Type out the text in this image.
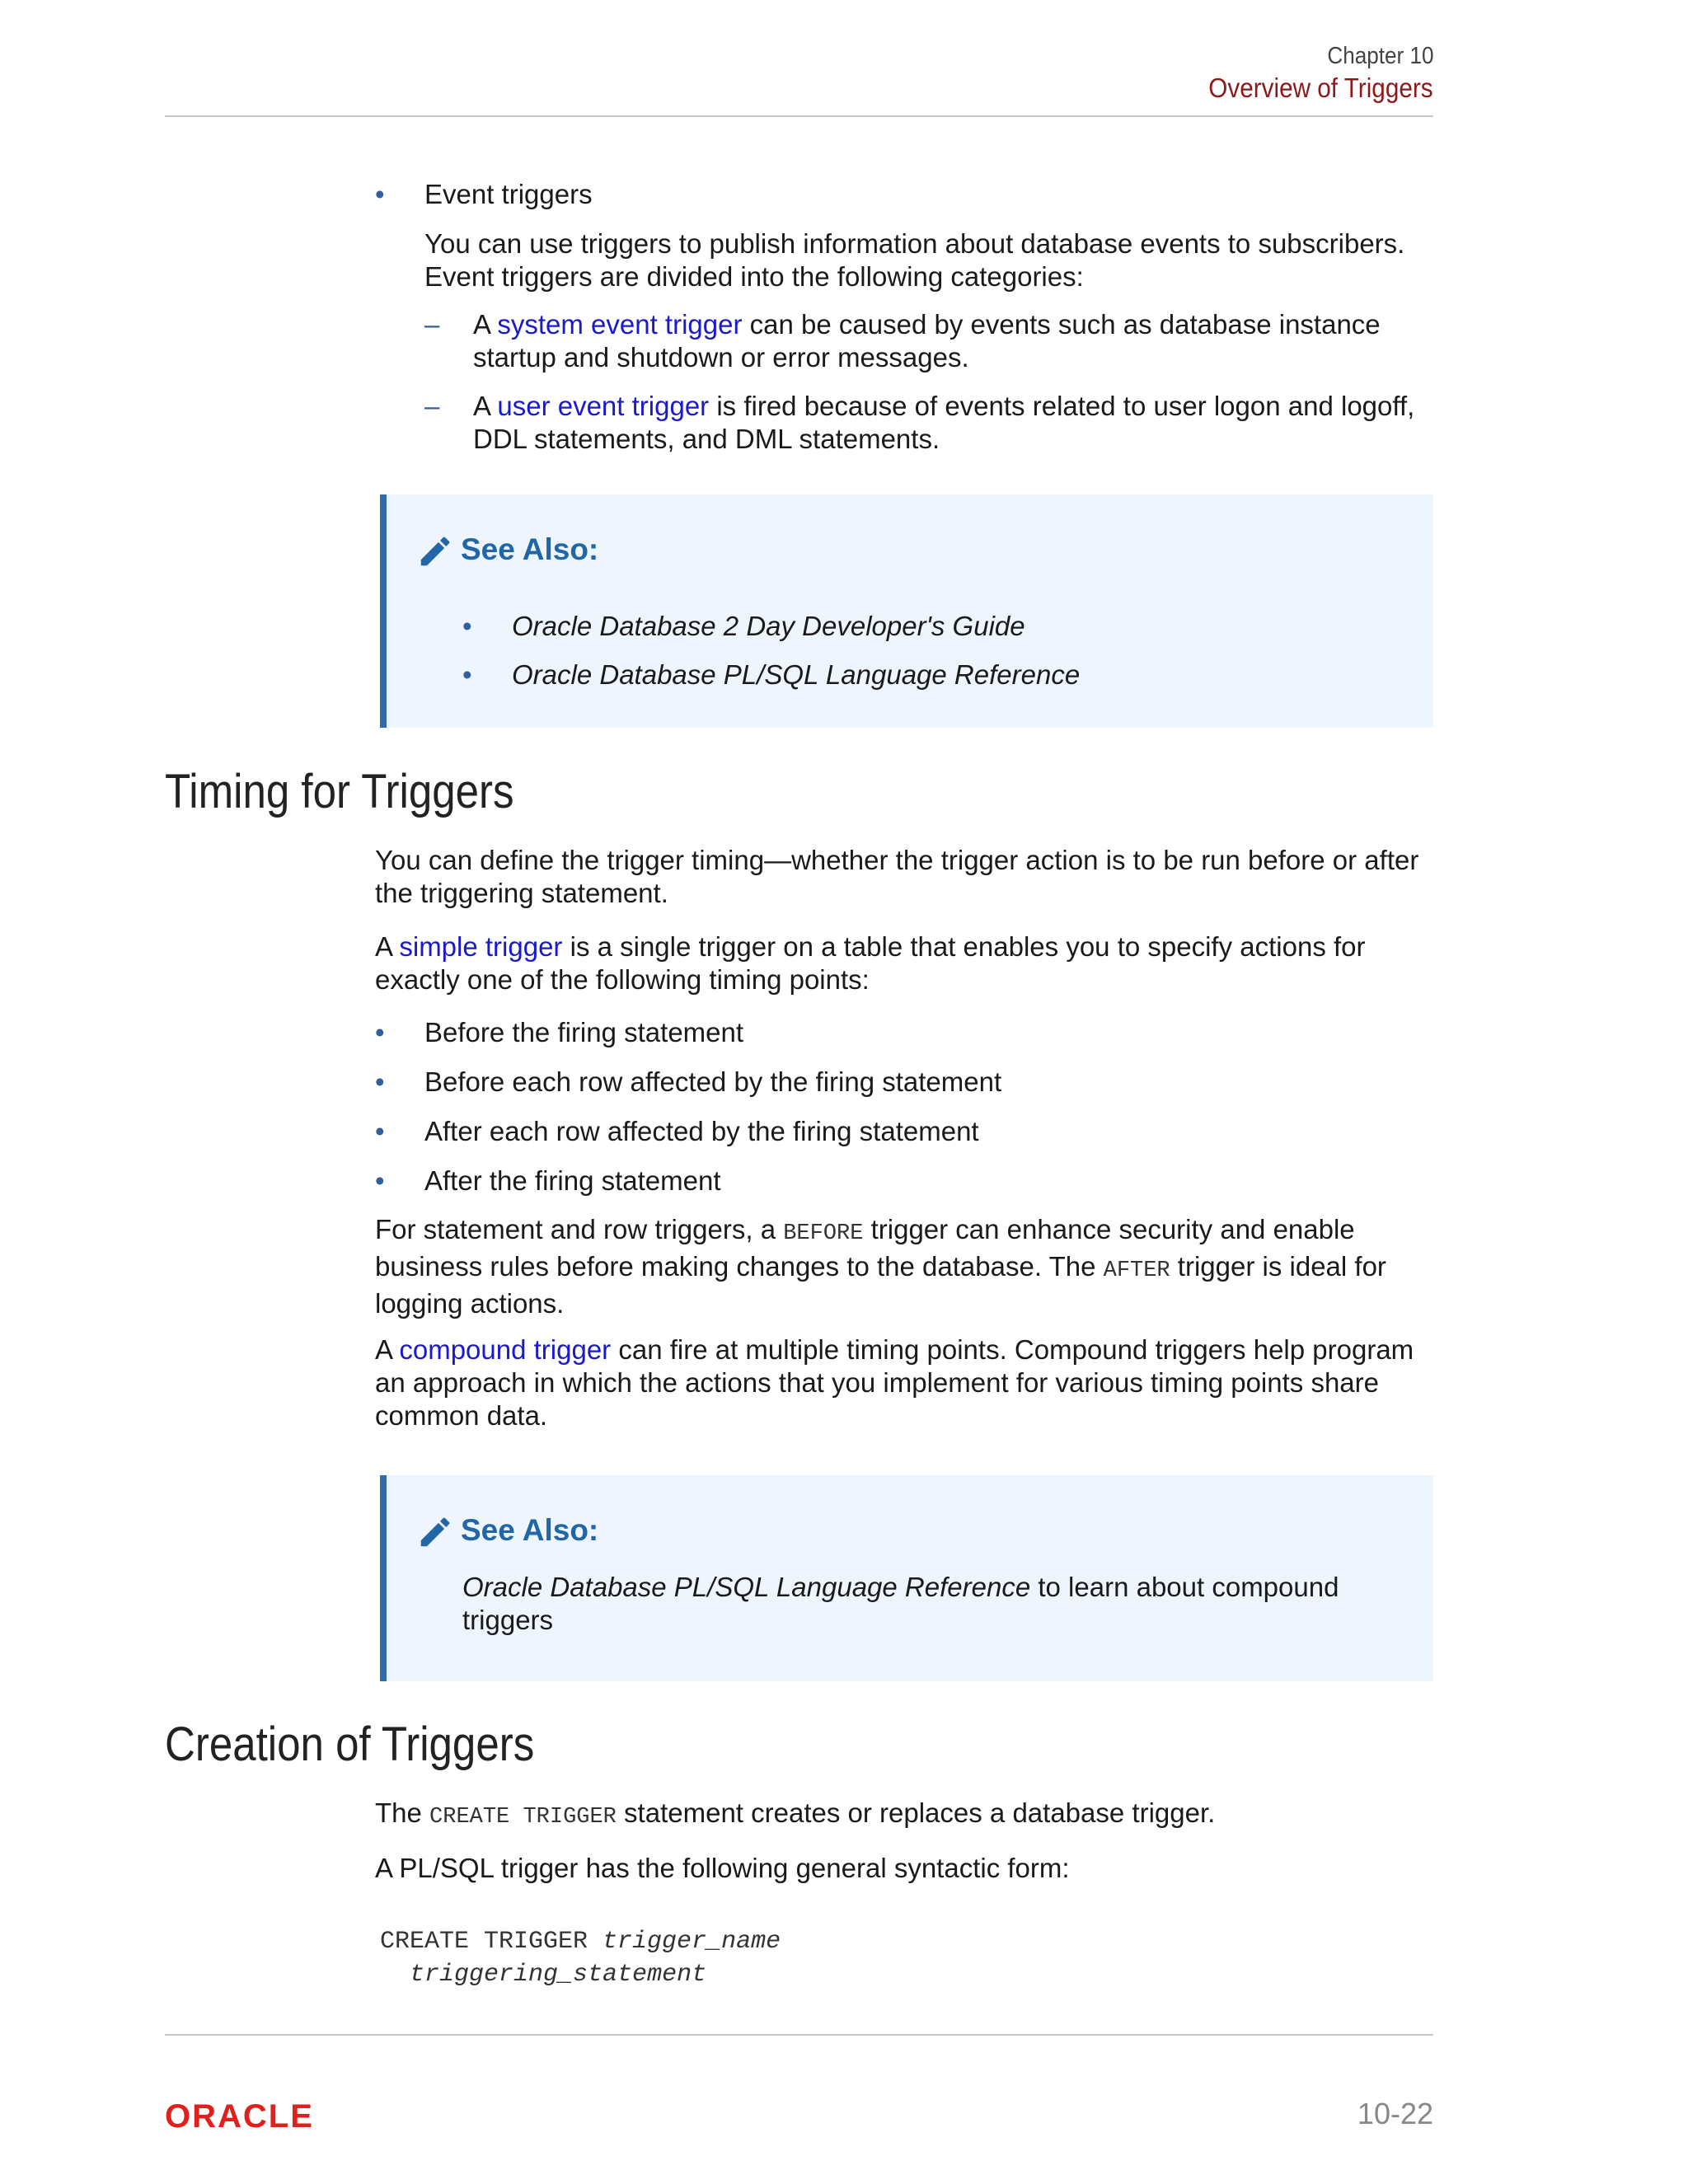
Chapter 10
Overview of Triggers
• Event triggers
You can use triggers to publish information about database events to subscribers. Event triggers are divided into the following categories:
– A system event trigger can be caused by events such as database instance startup and shutdown or error messages.
– A user event trigger is fired because of events related to user logon and logoff, DDL statements, and DML statements.
See Also:
• Oracle Database 2 Day Developer's Guide
• Oracle Database PL/SQL Language Reference
Timing for Triggers
You can define the trigger timing—whether the trigger action is to be run before or after the triggering statement.
A simple trigger is a single trigger on a table that enables you to specify actions for exactly one of the following timing points:
• Before the firing statement
• Before each row affected by the firing statement
• After each row affected by the firing statement
• After the firing statement
For statement and row triggers, a BEFORE trigger can enhance security and enable business rules before making changes to the database. The AFTER trigger is ideal for logging actions.
A compound trigger can fire at multiple timing points. Compound triggers help program an approach in which the actions that you implement for various timing points share common data.
See Also:
Oracle Database PL/SQL Language Reference to learn about compound triggers
Creation of Triggers
The CREATE TRIGGER statement creates or replaces a database trigger.
A PL/SQL trigger has the following general syntactic form:
CREATE TRIGGER trigger_name
triggering_statement
ORACLE	10-22
